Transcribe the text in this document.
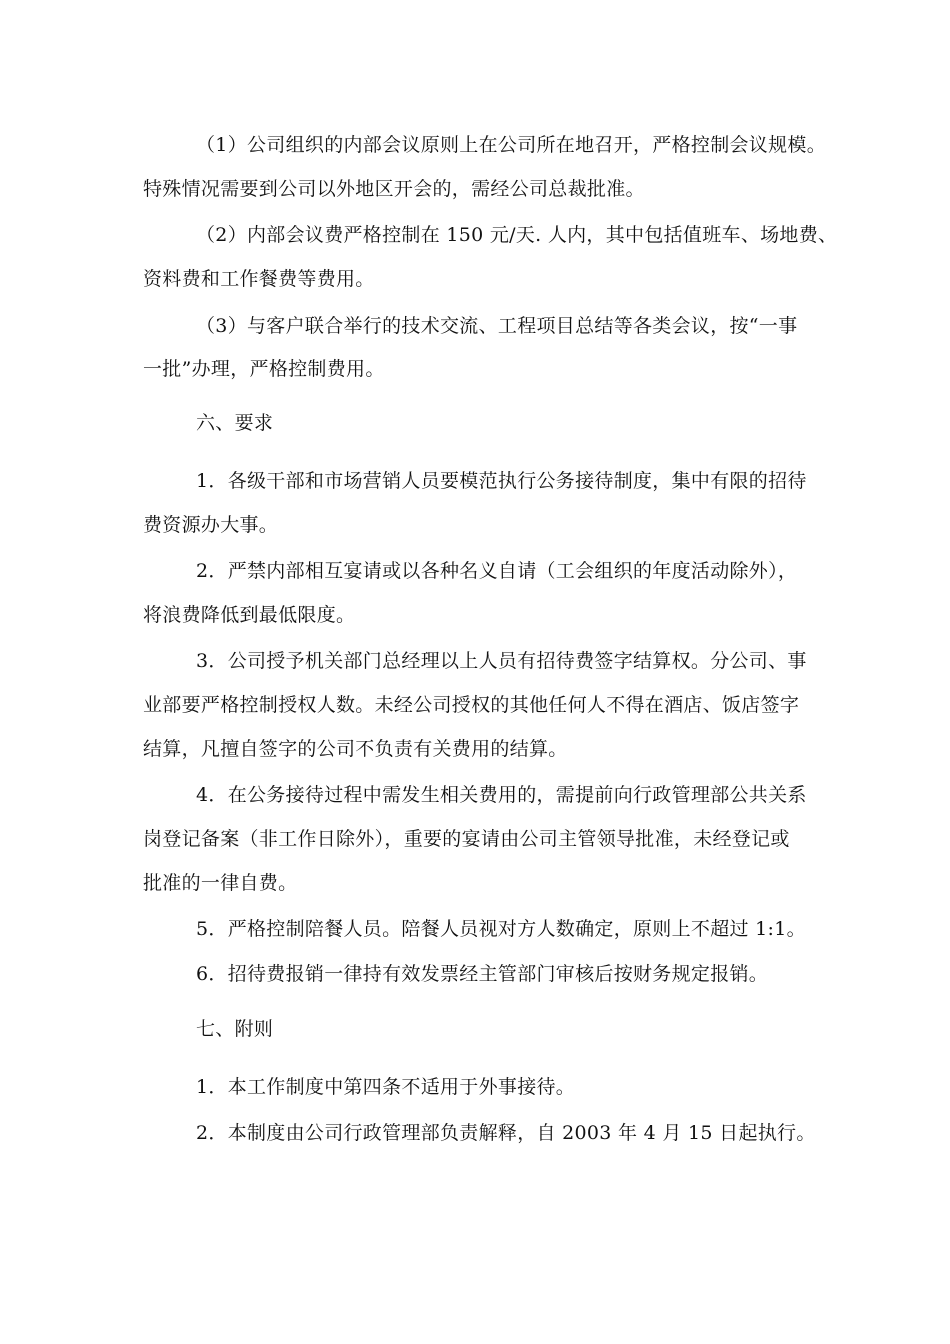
（1）公司组织的内部会议原则上在公司所在地召开，严格控制会议规模。
特殊情况需要到公司以外地区开会的，需经公司总裁批准。
（2）内部会议费严格控制在 150 元/天. 人内，其中包括值班车、场地费、
资料费和工作餐费等费用。
（3）与客户联合举行的技术交流、工程项目总结等各类会议，按“一事
一批”办理，严格控制费用。
六、要求
1．各级干部和市场营销人员要模范执行公务接待制度，集中有限的招待
费资源办大事。
2．严禁内部相互宴请或以各种名义自请（工会组织的年度活动除外），
将浪费降低到最低限度。
3．公司授予机关部门总经理以上人员有招待费签字结算权。分公司、事
业部要严格控制授权人数。未经公司授权的其他任何人不得在酒店、饭店签字
结算，凡擅自签字的公司不负责有关费用的结算。
4．在公务接待过程中需发生相关费用的，需提前向行政管理部公共关系
岗登记备案（非工作日除外），重要的宴请由公司主管领导批准，未经登记或
批准的一律自费。
5．严格控制陪餐人员。陪餐人员视对方人数确定，原则上不超过 1:1。
6．招待费报销一律持有效发票经主管部门审核后按财务规定报销。
七、附则
1．本工作制度中第四条不适用于外事接待。
2．本制度由公司行政管理部负责解释，自 2003 年 4 月 15 日起执行。
